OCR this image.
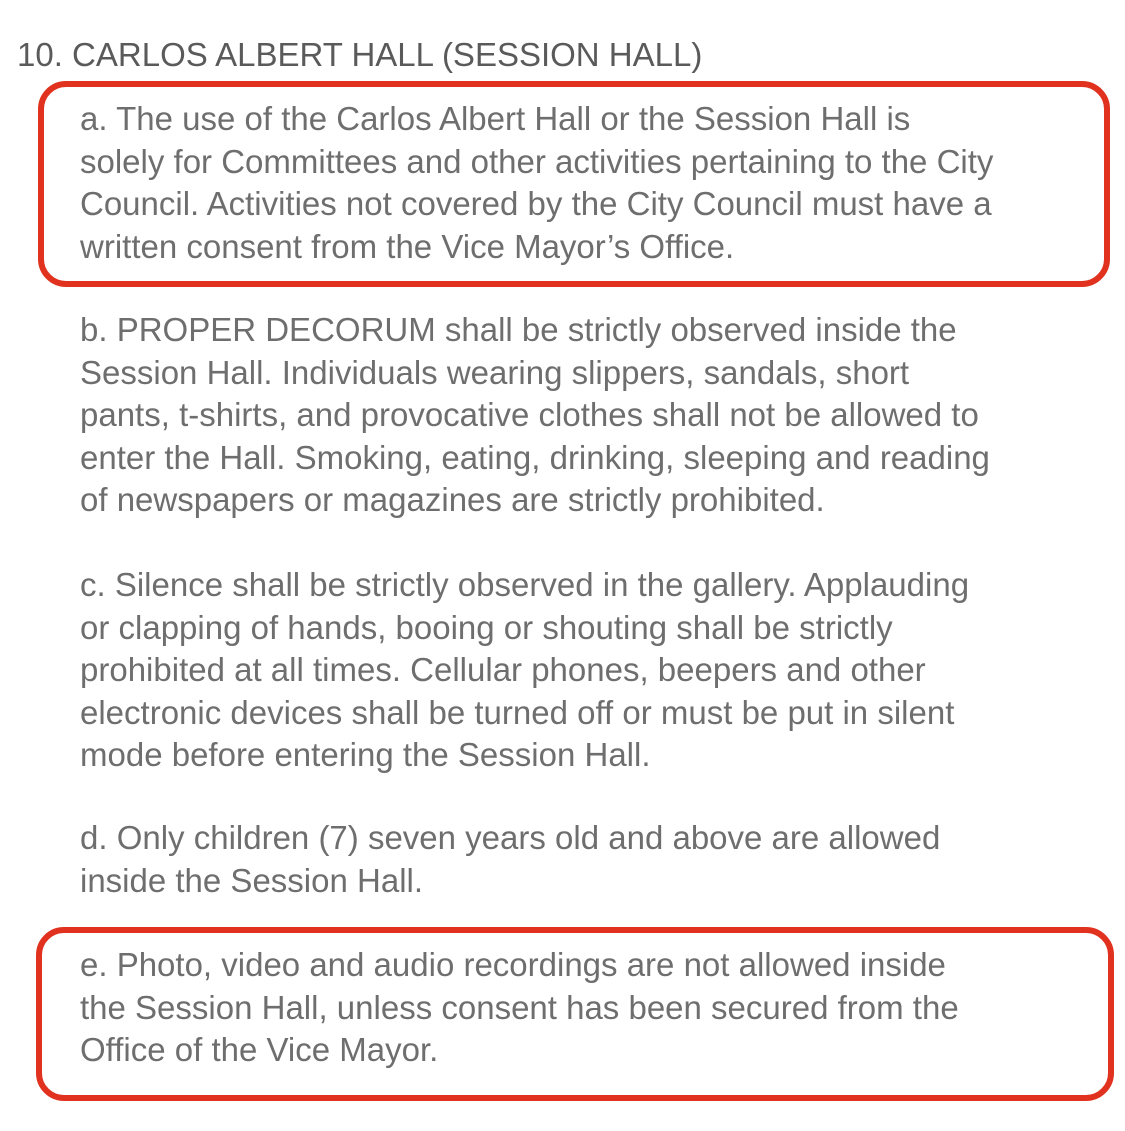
10. CARLOS ALBERT HALL (SESSION HALL)

a. The use of the Carlos Albert Hall or the Session Hall is
solely for Committees and other activities pertaining to the City
Council. Activities not covered by the City Council must have a
written consent from the Vice Mayor’s Office.

b. PROPER DECORUM shall be strictly observed inside the
Session Hall. Individuals wearing slippers, sandals, short
pants, t-shirts, and provocative clothes shall not be allowed to
enter the Hall. Smoking, eating, drinking, sleeping and reading
of newspapers or magazines are strictly prohibited.

c. Silence shall be strictly observed in the gallery. Applauding
or clapping of hands, booing or shouting shall be strictly
prohibited at all times. Cellular phones, beepers and other
electronic devices shall be turned off or must be put in silent
mode before entering the Session Hall.

d. Only children (7) seven years old and above are allowed
inside the Session Hall.

e. Photo, video and audio recordings are not allowed inside
the Session Hall, unless consent has been secured from the
Office of the Vice Mayor.
